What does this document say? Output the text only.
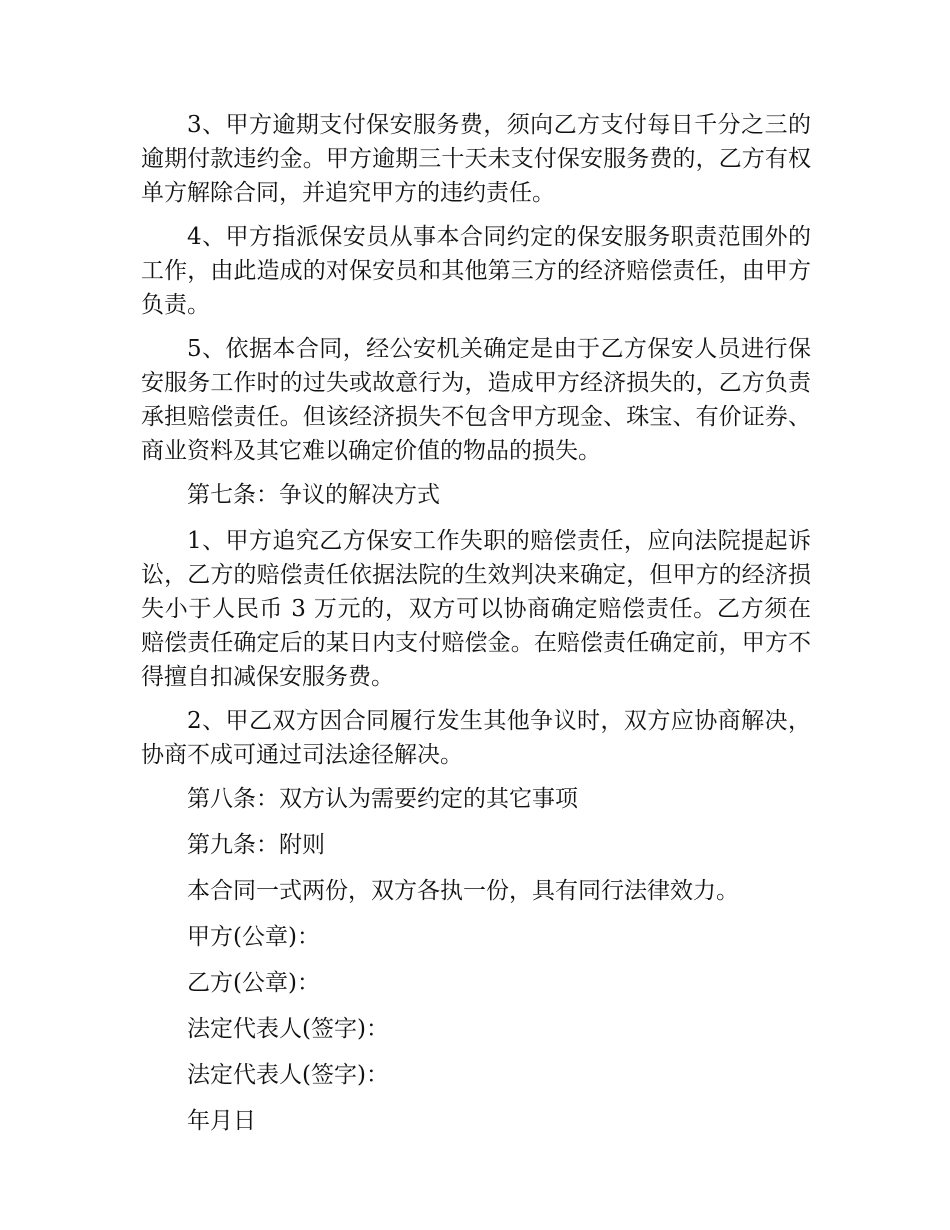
3、甲方逾期支付保安服务费，须向乙方支付每日千分之三的逾期付款违约金。甲方逾期三十天未支付保安服务费的，乙方有权单方解除合同，并追究甲方的违约责任。

4、甲方指派保安员从事本合同约定的保安服务职责范围外的工作，由此造成的对保安员和其他第三方的经济赔偿责任，由甲方负责。

5、依据本合同，经公安机关确定是由于乙方保安人员进行保安服务工作时的过失或故意行为，造成甲方经济损失的，乙方负责承担赔偿责任。但该经济损失不包含甲方现金、珠宝、有价证券、商业资料及其它难以确定价值的物品的损失。

第七条：争议的解决方式

1、甲方追究乙方保安工作失职的赔偿责任，应向法院提起诉讼，乙方的赔偿责任依据法院的生效判决来确定，但甲方的经济损失小于人民币 3 万元的，双方可以协商确定赔偿责任。乙方须在赔偿责任确定后的某日内支付赔偿金。在赔偿责任确定前，甲方不得擅自扣减保安服务费。

2、甲乙双方因合同履行发生其他争议时，双方应协商解决，协商不成可通过司法途径解决。

第八条：双方认为需要约定的其它事项

第九条：附则

本合同一式两份，双方各执一份，具有同行法律效力。

甲方(公章)：

乙方(公章)：

法定代表人(签字)：

法定代表人(签字)：

年月日
